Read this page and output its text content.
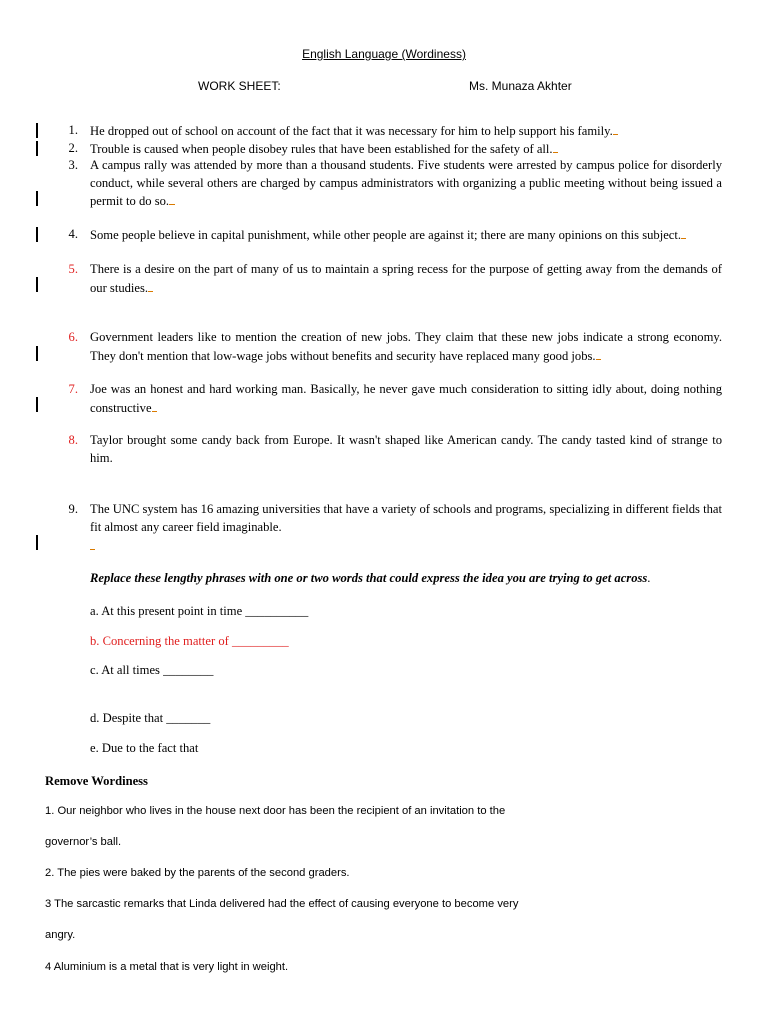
English Language (Wordiness)
WORK SHEET:	Ms. Munaza Akhter
1. He dropped out of school on account of the fact that it was necessary for him to help support his family.
2. Trouble is caused when people disobey rules that have been established for the safety of all.
3. A campus rally was attended by more than a thousand students. Five students were arrested by campus police for disorderly conduct, while several others are charged by campus administrators with organizing a public meeting without being issued a permit to do so.
4. Some people believe in capital punishment, while other people are against it; there are many opinions on this subject.
5. There is a desire on the part of many of us to maintain a spring recess for the purpose of getting away from the demands of our studies.
6. Government leaders like to mention the creation of new jobs. They claim that these new jobs indicate a strong economy. They don't mention that low-wage jobs without benefits and security have replaced many good jobs.
7. Joe was an honest and hard working man. Basically, he never gave much consideration to sitting idly about, doing nothing constructive
8. Taylor brought some candy back from Europe. It wasn't shaped like American candy. The candy tasted kind of strange to him.
9. The UNC system has 16 amazing universities that have a variety of schools and programs, specializing in different fields that fit almost any career field imaginable.
Replace these lengthy phrases with one or two words that could express the idea you are trying to get across.
a. At this present point in time __________
b. Concerning the matter of _________
c. At all times ________
d. Despite that _______
e. Due to the fact that
Remove Wordiness
1. Our neighbor who lives in the house next door has been the recipient of an invitation to the
governor’s ball.
2. The pies were baked by the parents of the second graders.
3 The sarcastic remarks that Linda delivered had the effect of causing everyone to become very
angry.
4 Aluminium is a metal that is very light in weight.
